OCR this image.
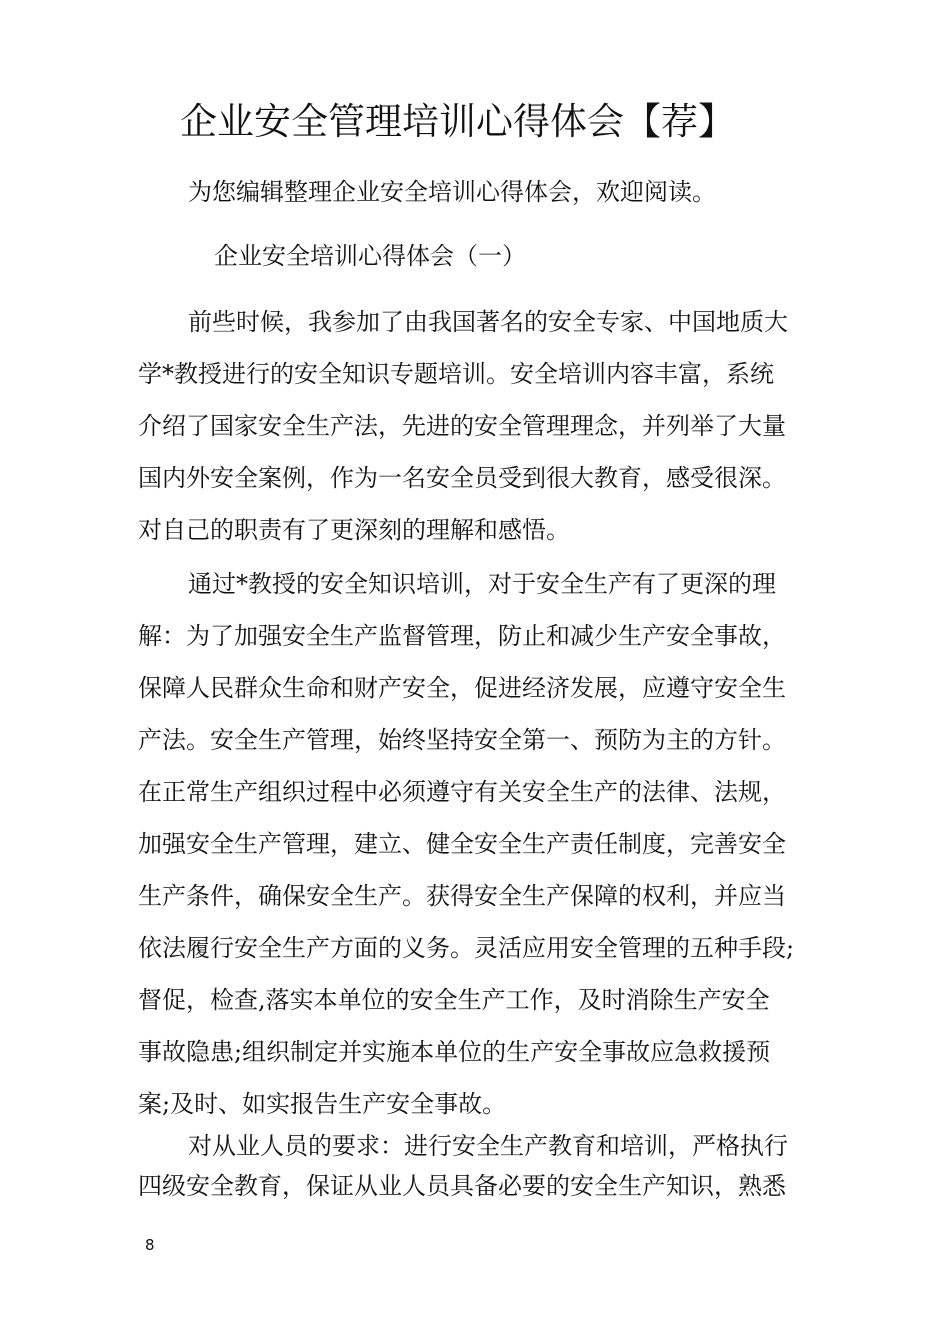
企业安全管理培训心得体会【荐】
为您编辑整理企业安全培训心得体会，欢迎阅读。
企业安全培训心得体会（一）
前些时候，我参加了由我国著名的安全专家、中国地质大
学*教授进行的安全知识专题培训。安全培训内容丰富，系统
介绍了国家安全生产法，先进的安全管理理念，并列举了大量
国内外安全案例，作为一名安全员受到很大教育，感受很深。
对自己的职责有了更深刻的理解和感悟。
通过*教授的安全知识培训，对于安全生产有了更深的理
解：为了加强安全生产监督管理，防止和减少生产安全事故，
保障人民群众生命和财产安全，促进经济发展，应遵守安全生
产法。安全生产管理，始终坚持安全第一、预防为主的方针。
在正常生产组织过程中必须遵守有关安全生产的法律、法规，
加强安全生产管理，建立、健全安全生产责任制度，完善安全
生产条件，确保安全生产。获得安全生产保障的权利，并应当
依法履行安全生产方面的义务。灵活应用安全管理的五种手段;
督促，检查,落实本单位的安全生产工作，及时消除生产安全
事故隐患;组织制定并实施本单位的生产安全事故应急救援预
案;及时、如实报告生产安全事故。
对从业人员的要求：进行安全生产教育和培训，严格执行
四级安全教育，保证从业人员具备必要的安全生产知识，熟悉
8
